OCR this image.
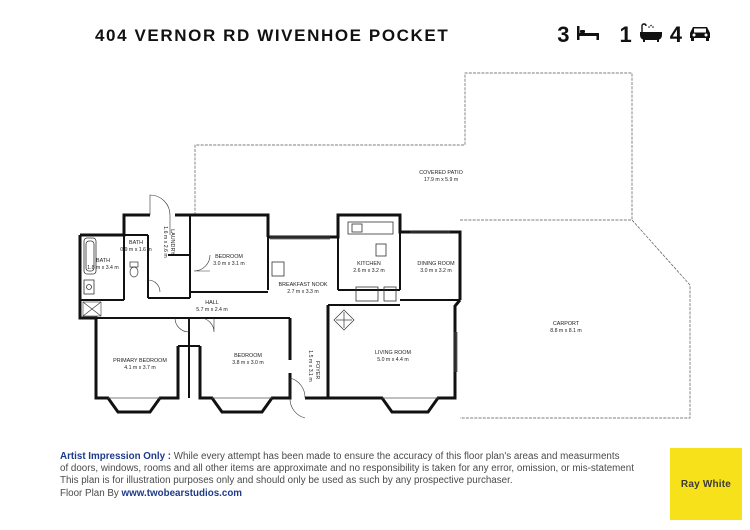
404 VERNOR RD WIVENHOE POCKET	3 1 4
COVERED PATIO
17.9 m x 5.9 m
BEDROOM
3.0 m x 3.1 m
BREAKFAST NOOK
2.7 m x 3.3 m
KITCHEN
2.6 m x 3.2 m
DINING ROOM
3.0 m x 3.2 m
BATH
1.8 m x 3.4 m
BATH
0.9 m x 1.6 m	LAUNDRY
1.6 m x 2.6 m
HALL
5.7 m x 2.4 m
CARPORT
8.8 m x 8.1 m
PRIMARY BEDROOM
4.1 m x 3.7 m
BEDROOM
3.8 m x 3.0 m	FOYER
1.5 m x 3.1 m	LIVING ROOM
5.0 m x 4.4 m
Artist Impression Only : While every attempt has been made to ensure the accuracy of this floor plan's areas and measurments
of doors, windows, rooms and all other items are approximate and no responsibility is taken for any error, omission, or mis-statement
This plan is for illustration purposes only and should only be used as such by any prospective purchaser.
Floor Plan By www.twobearstudios.com
Ray White
